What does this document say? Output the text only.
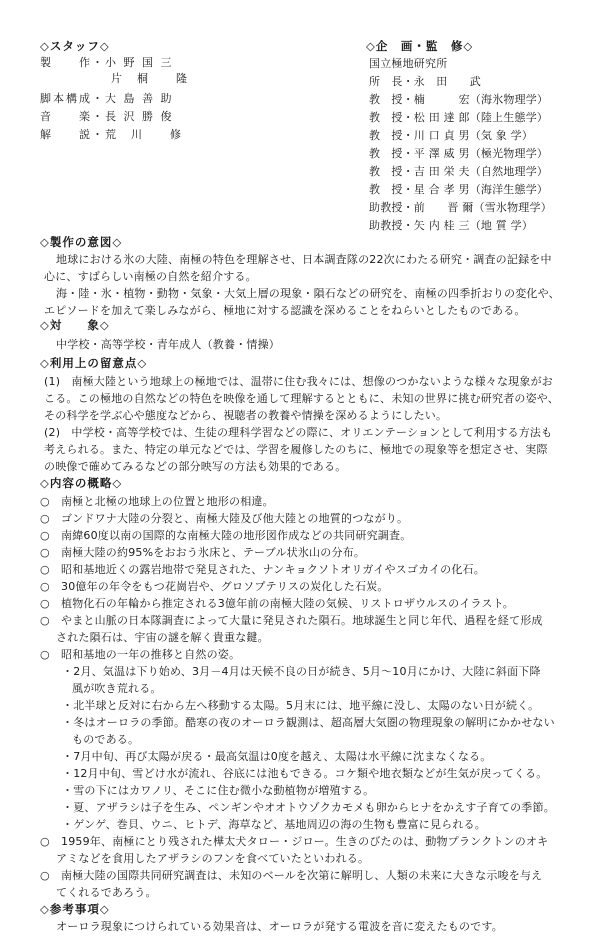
◇スタッフ◇
製　　作・小 野 国 三
片　桐　　隆
脚本構成・大 島 善 助
音　　楽・長 沢 勝 俊
解　　説・荒　川　　修
◇企　画・監　修◇
国立極地研究所
所　長・永　田　　武
教　授・楠　　　宏（海氷物理学）
教　授・松 田 達 郎（陸上生態学）
教　授・川 口 貞 男（気 象 学）
教　授・平 澤 威 男（極光物理学）
教　授・吉 田 栄 夫（自然地理学）
教　授・星 合 孝 男（海洋生態学）
助教授・前　　晋 爾（雪氷物理学）
助教授・矢 内 桂 三（地 質 学）
◇製作の意図◇
地球における氷の大陸、南極の特色を理解させ、日本調査隊の22次にわたる研究・調査の記録を中
心に、すばらしい南極の自然を紹介する。
海・陸・氷・植物・動物・気象・大気上層の現象・隕石などの研究を、南極の四季折おりの変化や、
エピソードを加えて楽しみながら、極地に対する認識を深めることをねらいとしたものである。
◇対　　象◇
中学校・高等学校・青年成人（教養・情操）
◇利用上の留意点◇
(1)　南極大陸という地球上の極地では、温帯に住む我々には、想像のつかないような様々な現象がお
こる。この極地の自然などの特色を映像を通して理解するとともに、未知の世界に挑む研究者の姿や、
その科学を学ぶ心や態度などから、視聴者の教養や情操を深めるようにしたい。
(2)　中学校・高等学校では、生徒の理科学習などの際に、オリエンテーションとして利用する方法も
考えられる。また、特定の単元などでは、学習を履修したのちに、極地での現象等を想定させ、実際
の映像で確めてみるなどの部分映写の方法も効果的である。
◇内容の概略◇
○　南極と北極の地球上の位置と地形の相違。
○　ゴンドワナ大陸の分裂と、南極大陸及び他大陸との地質的つながり。
○　南緯60度以南の国際的な南極大陸の地形図作成などの共同研究調査。
○　南極大陸の約95%をおおう氷床と、テーブル状氷山の分布。
○　昭和基地近くの露岩地帯で発見された、ナンキョクソトオリガイやスゴカイの化石。
○　30億年の年令をもつ花崗岩や、グロソプテリスの炭化した石炭。
○　植物化石の年輪から推定される3億年前の南極大陸の気候、リストロザウルスのイラスト。
○　やまと山脈の日本隊調査によって大量に発見された隕石。地球誕生と同じ年代、過程を経て形成
された隕石は、宇宙の謎を解く貴重な鍵。
○　昭和基地の一年の推移と自然の姿。
・2月、気温は下り始め、3月－4月は天候不良の日が続き、5月～10月にかけ、大陸に斜面下降
風が吹き荒れる。
・北半球と反対に右から左へ移動する太陽。5月末には、地平線に没し、太陽のない日が続く。
・冬はオーロラの季節。酷寒の夜のオーロラ観測は、超高層大気圏の物理現象の解明にかかせない
ものである。
・7月中旬、再び太陽が戻る・最高気温は0度を越え、太陽は水平線に沈まなくなる。
・12月中旬、雪どけ水が流れ、谷底には池もできる。コケ類や地衣類などが生気が戻ってくる。
・雪の下にはカワノリ、そこに住む微小な動植物が増殖する。
・夏、アザラシは子を生み、ペンギンやオオトウゾクカモメも卵からヒナをかえす子育ての季節。
・ゲンゲ、巻貝、ウニ、ヒトデ、海草など、基地周辺の海の生物も豊富に見られる。
○　1959年、南極にとり残された樺太犬タロー・ジロー。生きのびたのは、動物プランクトンのオキ
アミなどを食用したアザラシのフンを食べていたといわれる。
○　南極大陸の国際共同研究調査は、未知のベールを次第に解明し、人類の未来に大きな示唆を与え
てくれるであろう。
◇参考事項◇
オーロラ現象につけられている効果音は、オーロラが発する電波を音に変えたものです。
